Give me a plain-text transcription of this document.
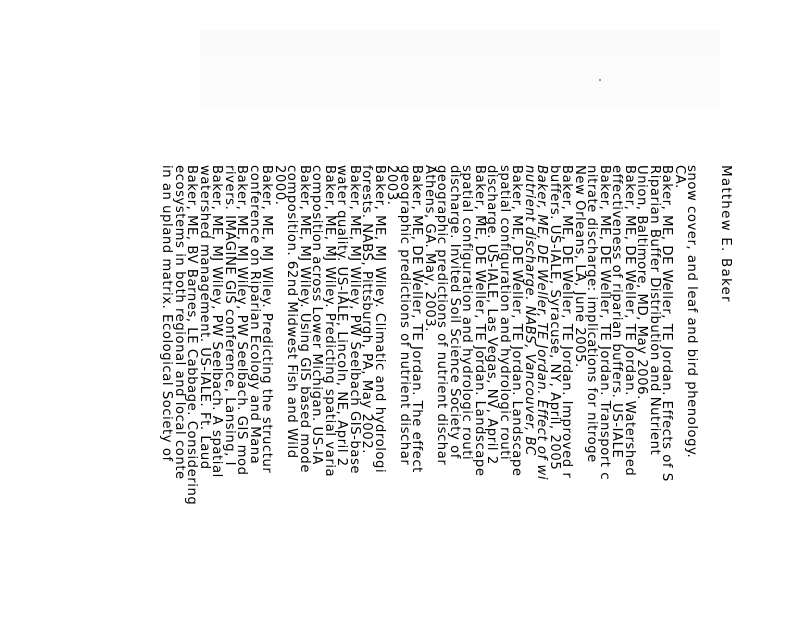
Matthew E. Baker
snow cover, and leaf and bird phenology.
CA.
Baker, ME, DE Weller, TE Jordan. Effects of S
Riparian Buffer Distribution and Nutrient
Union, Baltimore, MD, May 2006.
Baker, ME, DE Weller, TE Jordan. Watershed
effectiveness of riparian buffers. US-IALE
Baker, ME, DE Weller, TE Jordan. Transport c
nitrate discharge: implications for nitroge
New Orleans, LA, June 2005.
Baker, ME, DE Weller, TE Jordan. Improved r
buffers. US-IALE, Syracuse, NY, April, 2005
Baker, ME, DE Weller, TE Jordan. Effect of wi
nutrient discharge. NABS, Vancouver, BC
Baker, ME, DE Weller, TE Jordan. Landscape
spatial configuration and hydrologic routi
discharge. US-IALE, Las Vegas, NV, April 2
Baker, ME, DE Weller, TE Jordan. Landscape
spatial configuration and hydrologic routi
discharge. Invited Soil Science Society of
geographic predictions of nutrient dischar
Athens, GA. May, 2003.
Baker, ME, DE Weller, TE Jordan. The effect
geographic predictions of nutrient dischar
2003.
Baker, ME, MJ Wiley. Climatic and hydrologi
forests. NABS, Pittsburgh, PA, May 2002.
Baker, ME, MJ Wiley, PW Seelbach GIS-base
water quality. US-IALE, Lincoln, NE, April 2
Baker, ME, MJ Wiley. Predicting spatial varia
composition across Lower Michigan. US-IA
Baker, ME, MJ Wiley. Using GIS based mode
composition. 62nd Midwest Fish and Wild
2000.
Baker, ME, MJ Wiley. Predicting the structur
conference on Riparian Ecology and Mana
Baker, ME, MJ Wiley, PW Seelbach. GIS mod
rivers. IMAGINE GIS conference, Lansing, I
Baker, ME, MJ Wiley, PW Seelbach. A spatial
watershed management. US-IALE. Ft. Laud
Baker, ME, BV Barnes, LE Cabbage. Considering
ecosystems in both regional and local conte
in an upland matrix. Ecological Society of
